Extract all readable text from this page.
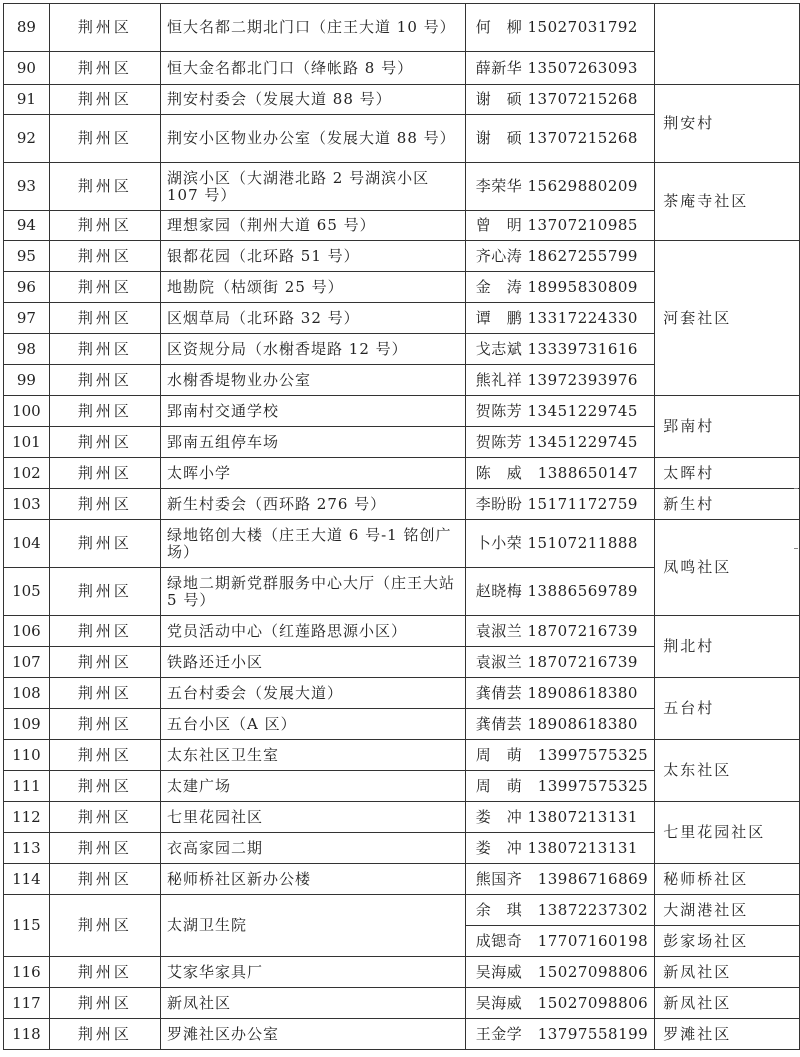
89	荆州区	恒大名都二期北门口（庄王大道 10 号）	何　柳 15027031792	
90	荆州区	恒大金名都北门口（绛帐路 8 号）	薛新华 13507263093	
91	荆州区	荆安村委会（发展大道 88 号）	谢　硕 13707215268	荆安村
92	荆州区	荆安小区物业办公室（发展大道 88 号）	谢　硕 13707215268	
93	荆州区	湖滨小区（大湖港北路 2 号湖滨小区 107 号）	李荣华 15629880209	茶庵寺社区
94	荆州区	理想家园（荆州大道 65 号）	曾　明 13707210985	
95	荆州区	银都花园（北环路 51 号）	齐心涛 18627255799	河套社区
96	荆州区	地勘院（枯颂街 25 号）	金　涛 18995830809	
97	荆州区	区烟草局（北环路 32 号）	谭　鹏 13317224330	
98	荆州区	区资规分局（水榭香堤路 12 号）	戈志斌 13339731616	
99	荆州区	水榭香堤物业办公室	熊礼祥 13972393976	
100	荆州区	郢南村交通学校	贺陈芳 13451229745	郢南村
101	荆州区	郢南五组停车场	贺陈芳 13451229745	
102	荆州区	太晖小学	陈　威　1388650147	太晖村
103	荆州区	新生村委会（西环路 276 号）	李盼盼 15171172759	新生村
104	荆州区	绿地铭创大楼（庄王大道 6 号-1 铭创广场）	卜小荣 15107211888	凤鸣社区
105	荆州区	绿地二期新党群服务中心大厅（庄王大站 5 号）	赵晓梅 13886569789	
106	荆州区	党员活动中心（红莲路思源小区）	袁淑兰 18707216739	荆北村
107	荆州区	铁路还迁小区	袁淑兰 18707216739	
108	荆州区	五台村委会（发展大道）	龚倩芸 18908618380	五台村
109	荆州区	五台小区（A 区）	龚倩芸 18908618380	
110	荆州区	太东社区卫生室	周　萌　13997575325	太东社区
111	荆州区	太建广场	周　萌　13997575325	
112	荆州区	七里花园社区	娄　冲 13807213131	七里花园社区
113	荆州区	衣高家园二期	娄　冲 13807213131	
114	荆州区	秘师桥社区新办公楼	熊国齐　13986716869	秘师桥社区
115	荆州区	太湖卫生院	余　琪　13872237302	大湖港社区
			成锶奇　17707160198	彭家场社区
116	荆州区	艾家华家具厂	吴海威　15027098806	新凤社区
117	荆州区	新凤社区	吴海威　15027098806	新凤社区
118	荆州区	罗滩社区办公室	王金学　13797558199	罗滩社区
